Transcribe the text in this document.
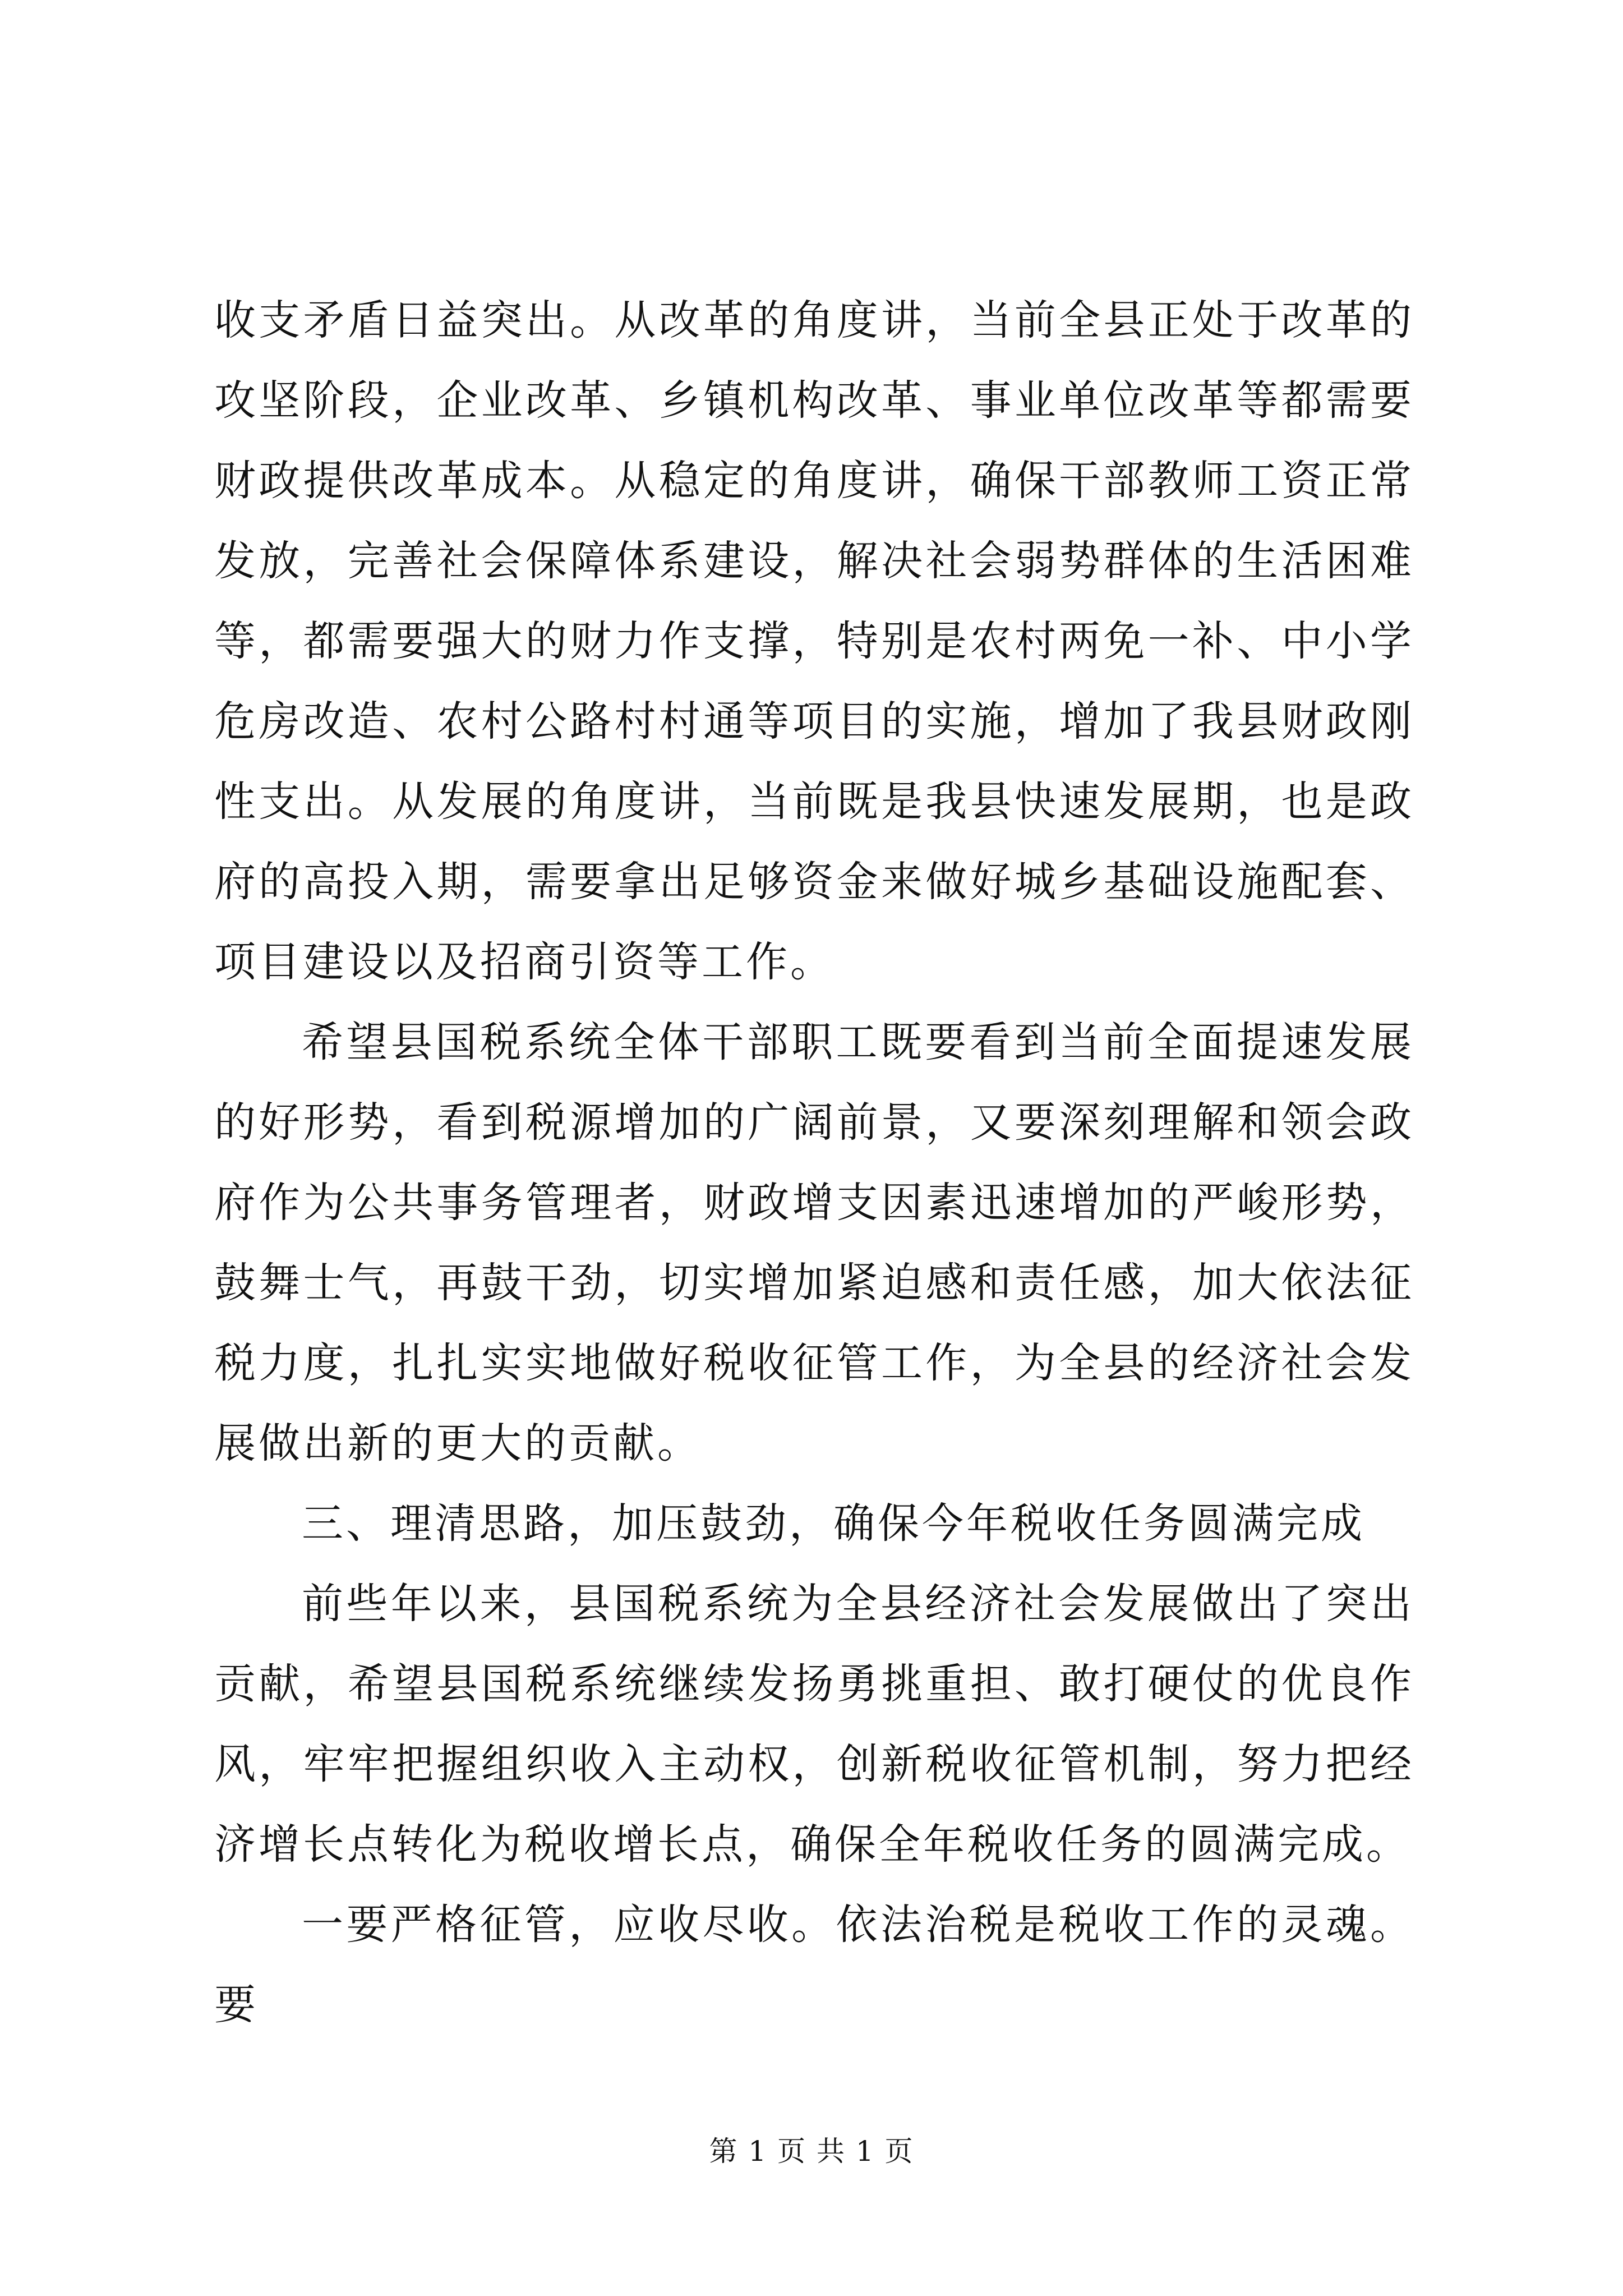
收支矛盾日益突出。从改革的角度讲，当前全县正处于改革的攻坚阶段，企业改革、乡镇机构改革、事业单位改革等都需要财政提供改革成本。从稳定的角度讲，确保干部教师工资正常发放，完善社会保障体系建设，解决社会弱势群体的生活困难等，都需要强大的财力作支撑，特别是农村两免一补、中小学危房改造、农村公路村村通等项目的实施，增加了我县财政刚性支出。从发展的角度讲，当前既是我县快速发展期，也是政府的高投入期，需要拿出足够资金来做好城乡基础设施配套、项目建设以及招商引资等工作。

希望县国税系统全体干部职工既要看到当前全面提速发展的好形势，看到税源增加的广阔前景，又要深刻理解和领会政府作为公共事务管理者，财政增支因素迅速增加的严峻形势，鼓舞士气，再鼓干劲，切实增加紧迫感和责任感，加大依法征税力度，扎扎实实地做好税收征管工作，为全县的经济社会发展做出新的更大的贡献。

三、理清思路，加压鼓劲，确保今年税收任务圆满完成

前些年以来，县国税系统为全县经济社会发展做出了突出贡献，希望县国税系统继续发扬勇挑重担、敢打硬仗的优良作风，牢牢把握组织收入主动权，创新税收征管机制，努力把经济增长点转化为税收增长点，确保全年税收任务的圆满完成。

一要严格征管，应收尽收。依法治税是税收工作的灵魂。要

第 1 页 共 1 页
